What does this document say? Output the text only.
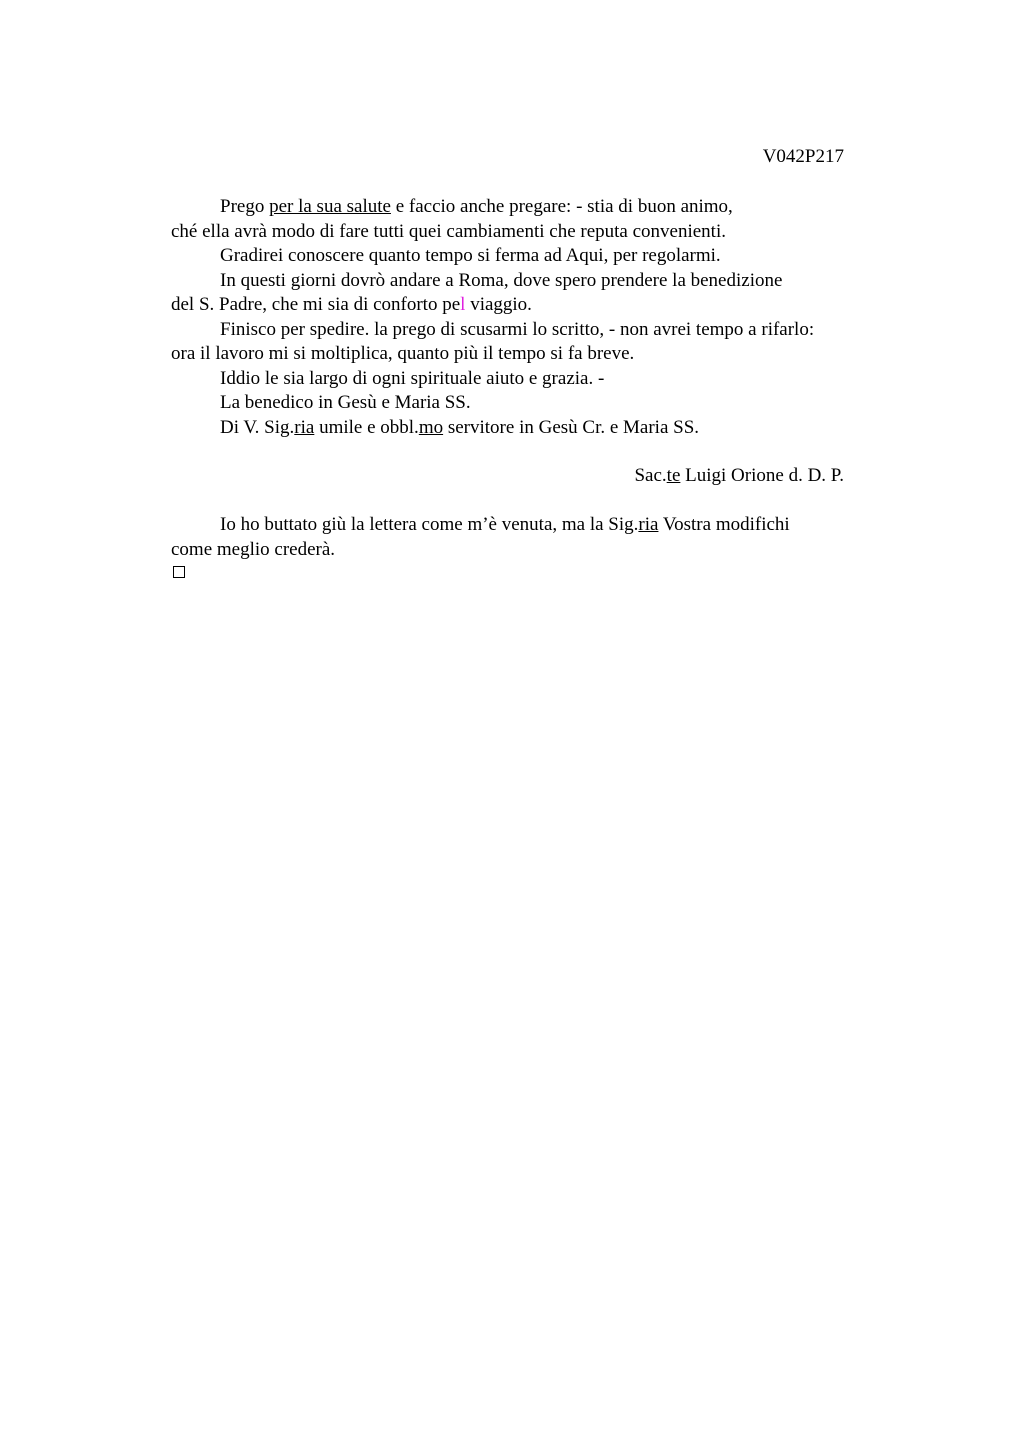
V042P217
Prego per la sua salute e faccio anche pregare: - stia di buon animo,
ché ella avrà modo di fare tutti quei cambiamenti che reputa convenienti.
Gradirei conoscere quanto tempo si ferma ad Aqui, per regolarmi.
In questi giorni dovrò andare a Roma, dove spero prendere la benedizione
del S. Padre, che mi sia di conforto pel viaggio.
Finisco per spedire. la prego di scusarmi lo scritto, - non avrei tempo a rifarlo:
ora il lavoro mi si moltiplica, quanto più il tempo si fa breve.
Iddio le sia largo di ogni spirituale aiuto e grazia. -
La benedico in Gesù e Maria SS.
Di V. Sig.ria umile e obbl.mo servitore in Gesù Cr. e Maria SS.
Sac.te Luigi Orione d. D. P.
Io ho buttato giù la lettera come m’è venuta, ma la Sig.ria Vostra modifichi
come meglio crederà.
